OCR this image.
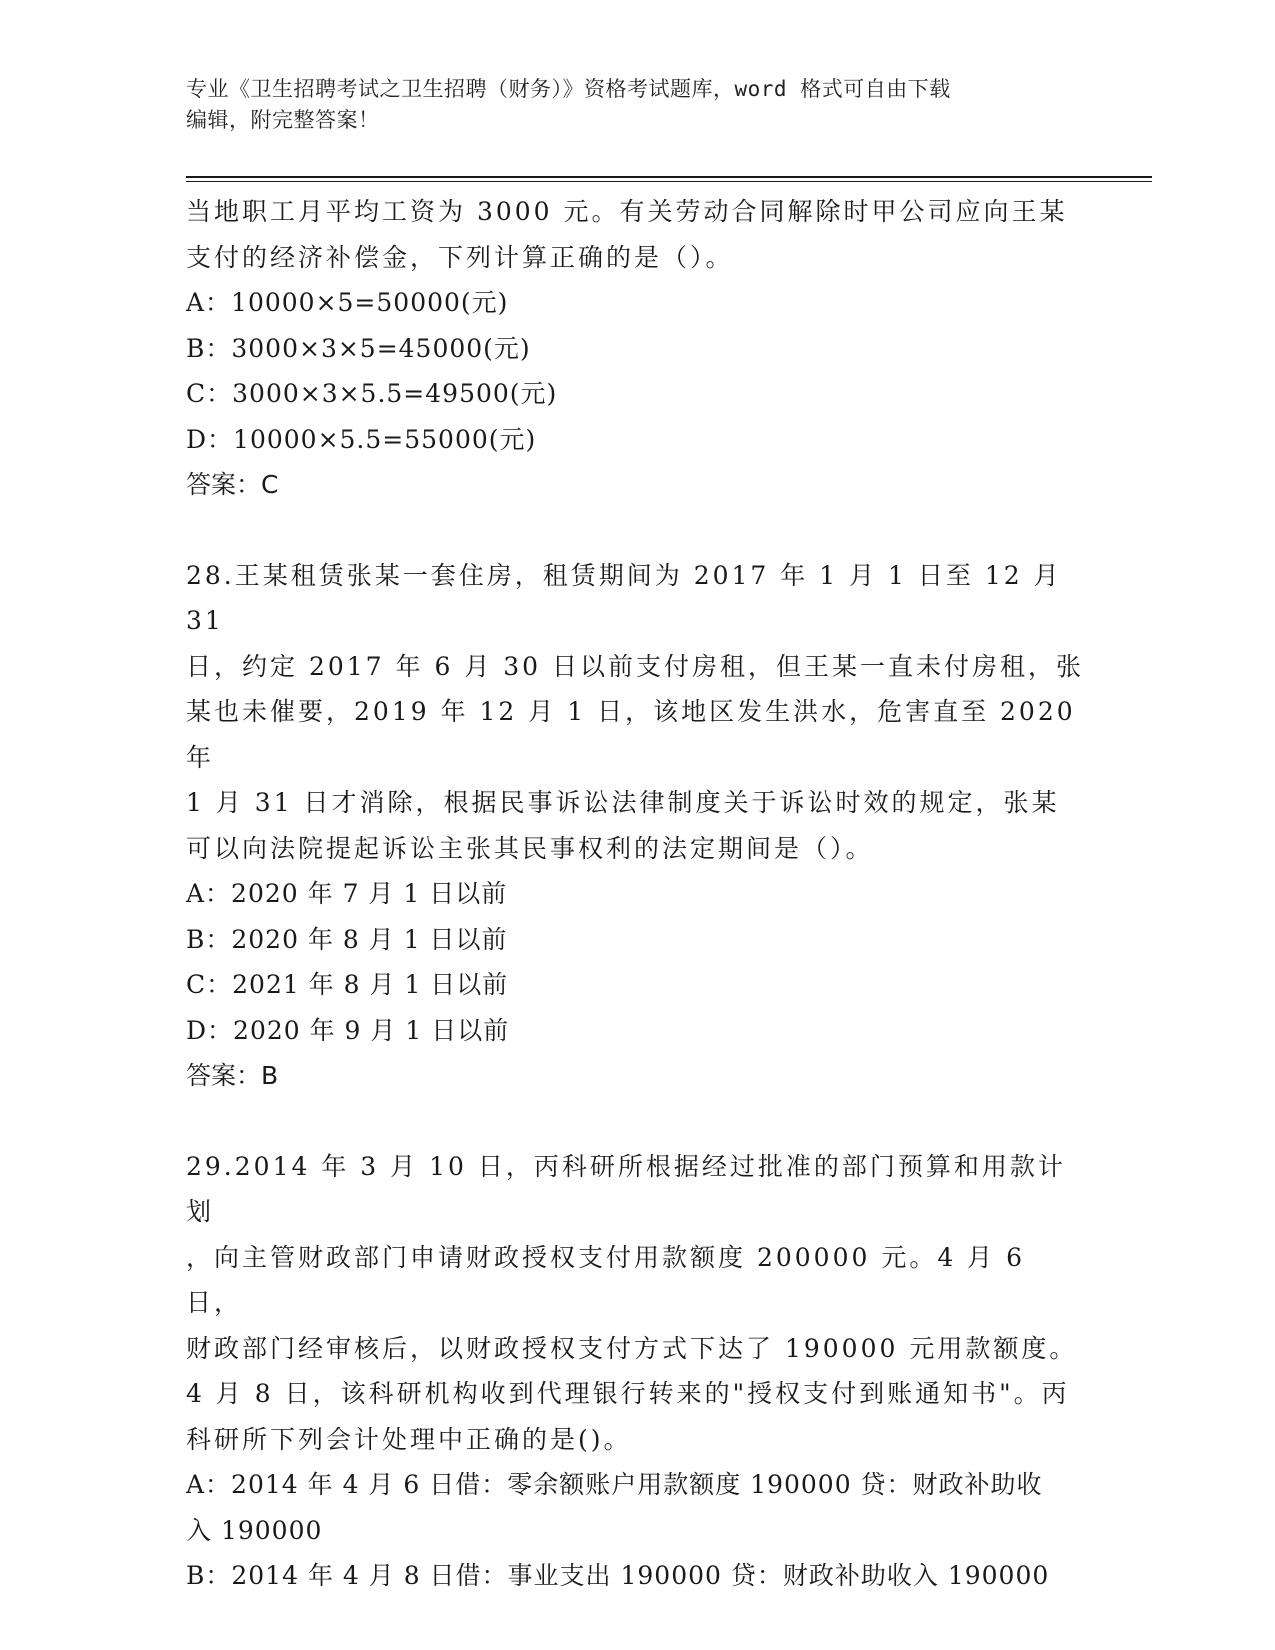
专业《卫生招聘考试之卫生招聘（财务）》资格考试题库，word 格式可自由下载
编辑，附完整答案！

当地职工月平均工资为 3000 元。有关劳动合同解除时甲公司应向王某

支付的经济补偿金，下列计算正确的是（）。

A：10000×5=50000(元)

B：3000×3×5=45000(元)

C：3000×3×5.5=49500(元)

D：10000×5.5=55000(元)

答案：C

28.王某租赁张某一套住房，租赁期间为 2017 年 1 月 1 日至 12 月 31

日，约定 2017 年 6 月 30 日以前支付房租，但王某一直未付房租，张

某也未催要，2019 年 12 月 1 日，该地区发生洪水，危害直至 2020 年

1 月 31 日才消除，根据民事诉讼法律制度关于诉讼时效的规定，张某

可以向法院提起诉讼主张其民事权利的法定期间是（）。

A：2020 年 7 月 1 日以前

B：2020 年 8 月 1 日以前

C：2021 年 8 月 1 日以前

D：2020 年 9 月 1 日以前

答案：B

29.2014 年 3 月 10 日，丙科研所根据经过批准的部门预算和用款计划

，向主管财政部门申请财政授权支付用款额度 200000 元。4 月 6 日，

财政部门经审核后，以财政授权支付方式下达了 190000 元用款额度。

4 月 8 日，该科研机构收到代理银行转来的"授权支付到账通知书"。丙

科研所下列会计处理中正确的是()。

A：2014 年 4 月 6 日借：零余额账户用款额度 190000 贷：财政补助收

入 190000

B：2014 年 4 月 8 日借：事业支出 190000 贷：财政补助收入 190000
